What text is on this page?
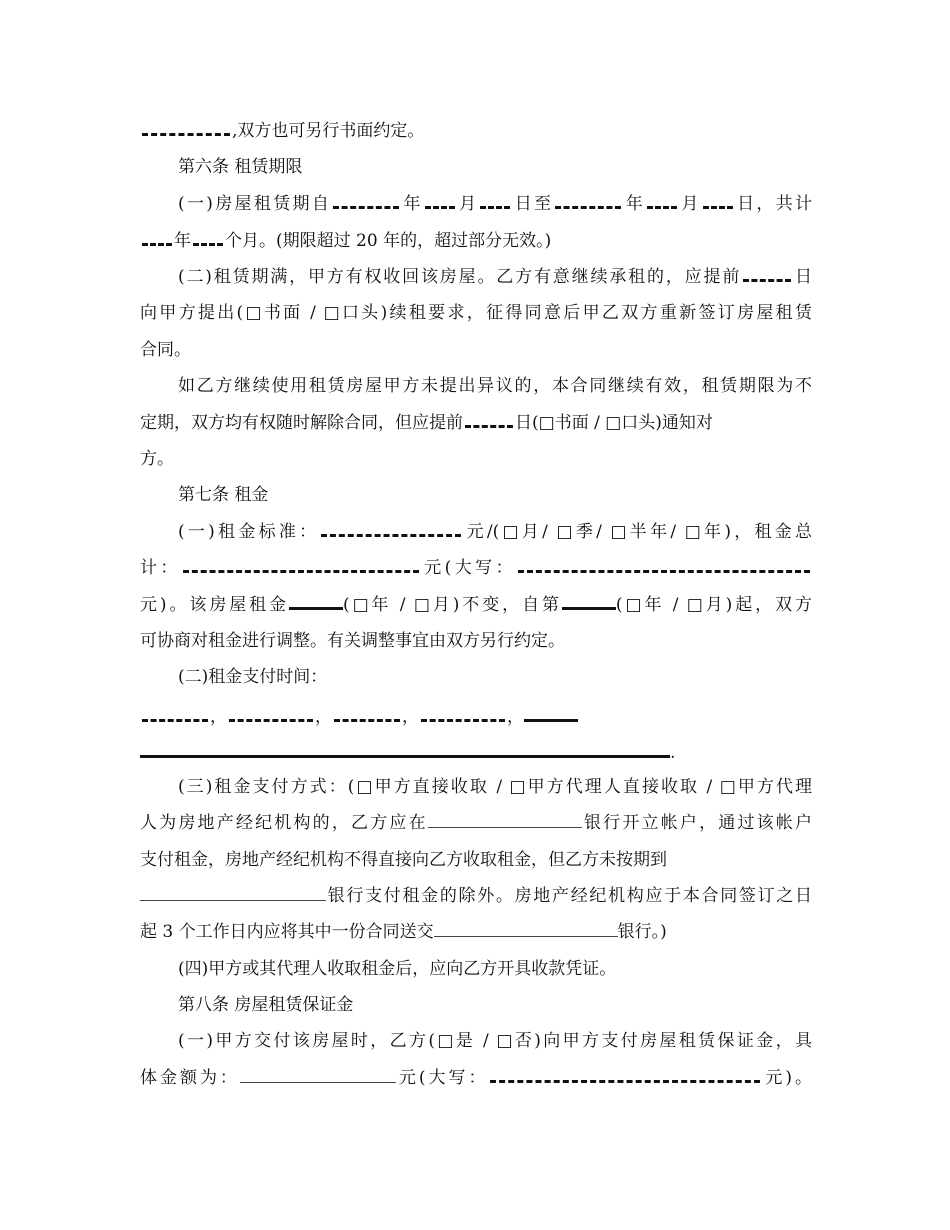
,双方也可另行书面约定。
第六条 租赁期限
(一)房屋租赁期自	年 月 日至	年 月 日，共计
年 个月。(期限超过 20 年的，超过部分无效。)
(二)租赁期满，甲方有权收回该房屋。乙方有意继续承租的，应提前	日
向甲方提出(□书面 / □口头)续租要求，征得同意后甲乙双方重新签订房屋租赁
合同。
如乙方继续使用租赁房屋甲方未提出异议的，本合同继续有效，租赁期限为不
定期，双方均有权随时解除合同，但应提前	日(□书面 / □口头)通知对
方。
第七条 租金
(一)租金标准：	元/(□月/ □季/ □半年/ □年)，租金总
计：	元(大写：
元)。该房屋租金	(□年 / □月)不变，自第	(□年 / □月)起，双方
可协商对租金进行调整。有关调整事宜由双方另行约定。
(二)租金支付时间：
，	，	，	，
.
(三)租金支付方式：(□甲方直接收取 / □甲方代理人直接收取 / □甲方代理
人为房地产经纪机构的，乙方应在	银行开立帐户，通过该帐户
支付租金，房地产经纪机构不得直接向乙方收取租金，但乙方未按期到
银行支付租金的除外。房地产经纪机构应于本合同签订之日
起 3 个工作日内应将其中一份合同送交	银行。)
(四)甲方或其代理人收取租金后，应向乙方开具收款凭证。
第八条 房屋租赁保证金
(一)甲方交付该房屋时，乙方(□是 / □否)向甲方支付房屋租赁保证金，具
体金额为：	元(大写：	元)。
